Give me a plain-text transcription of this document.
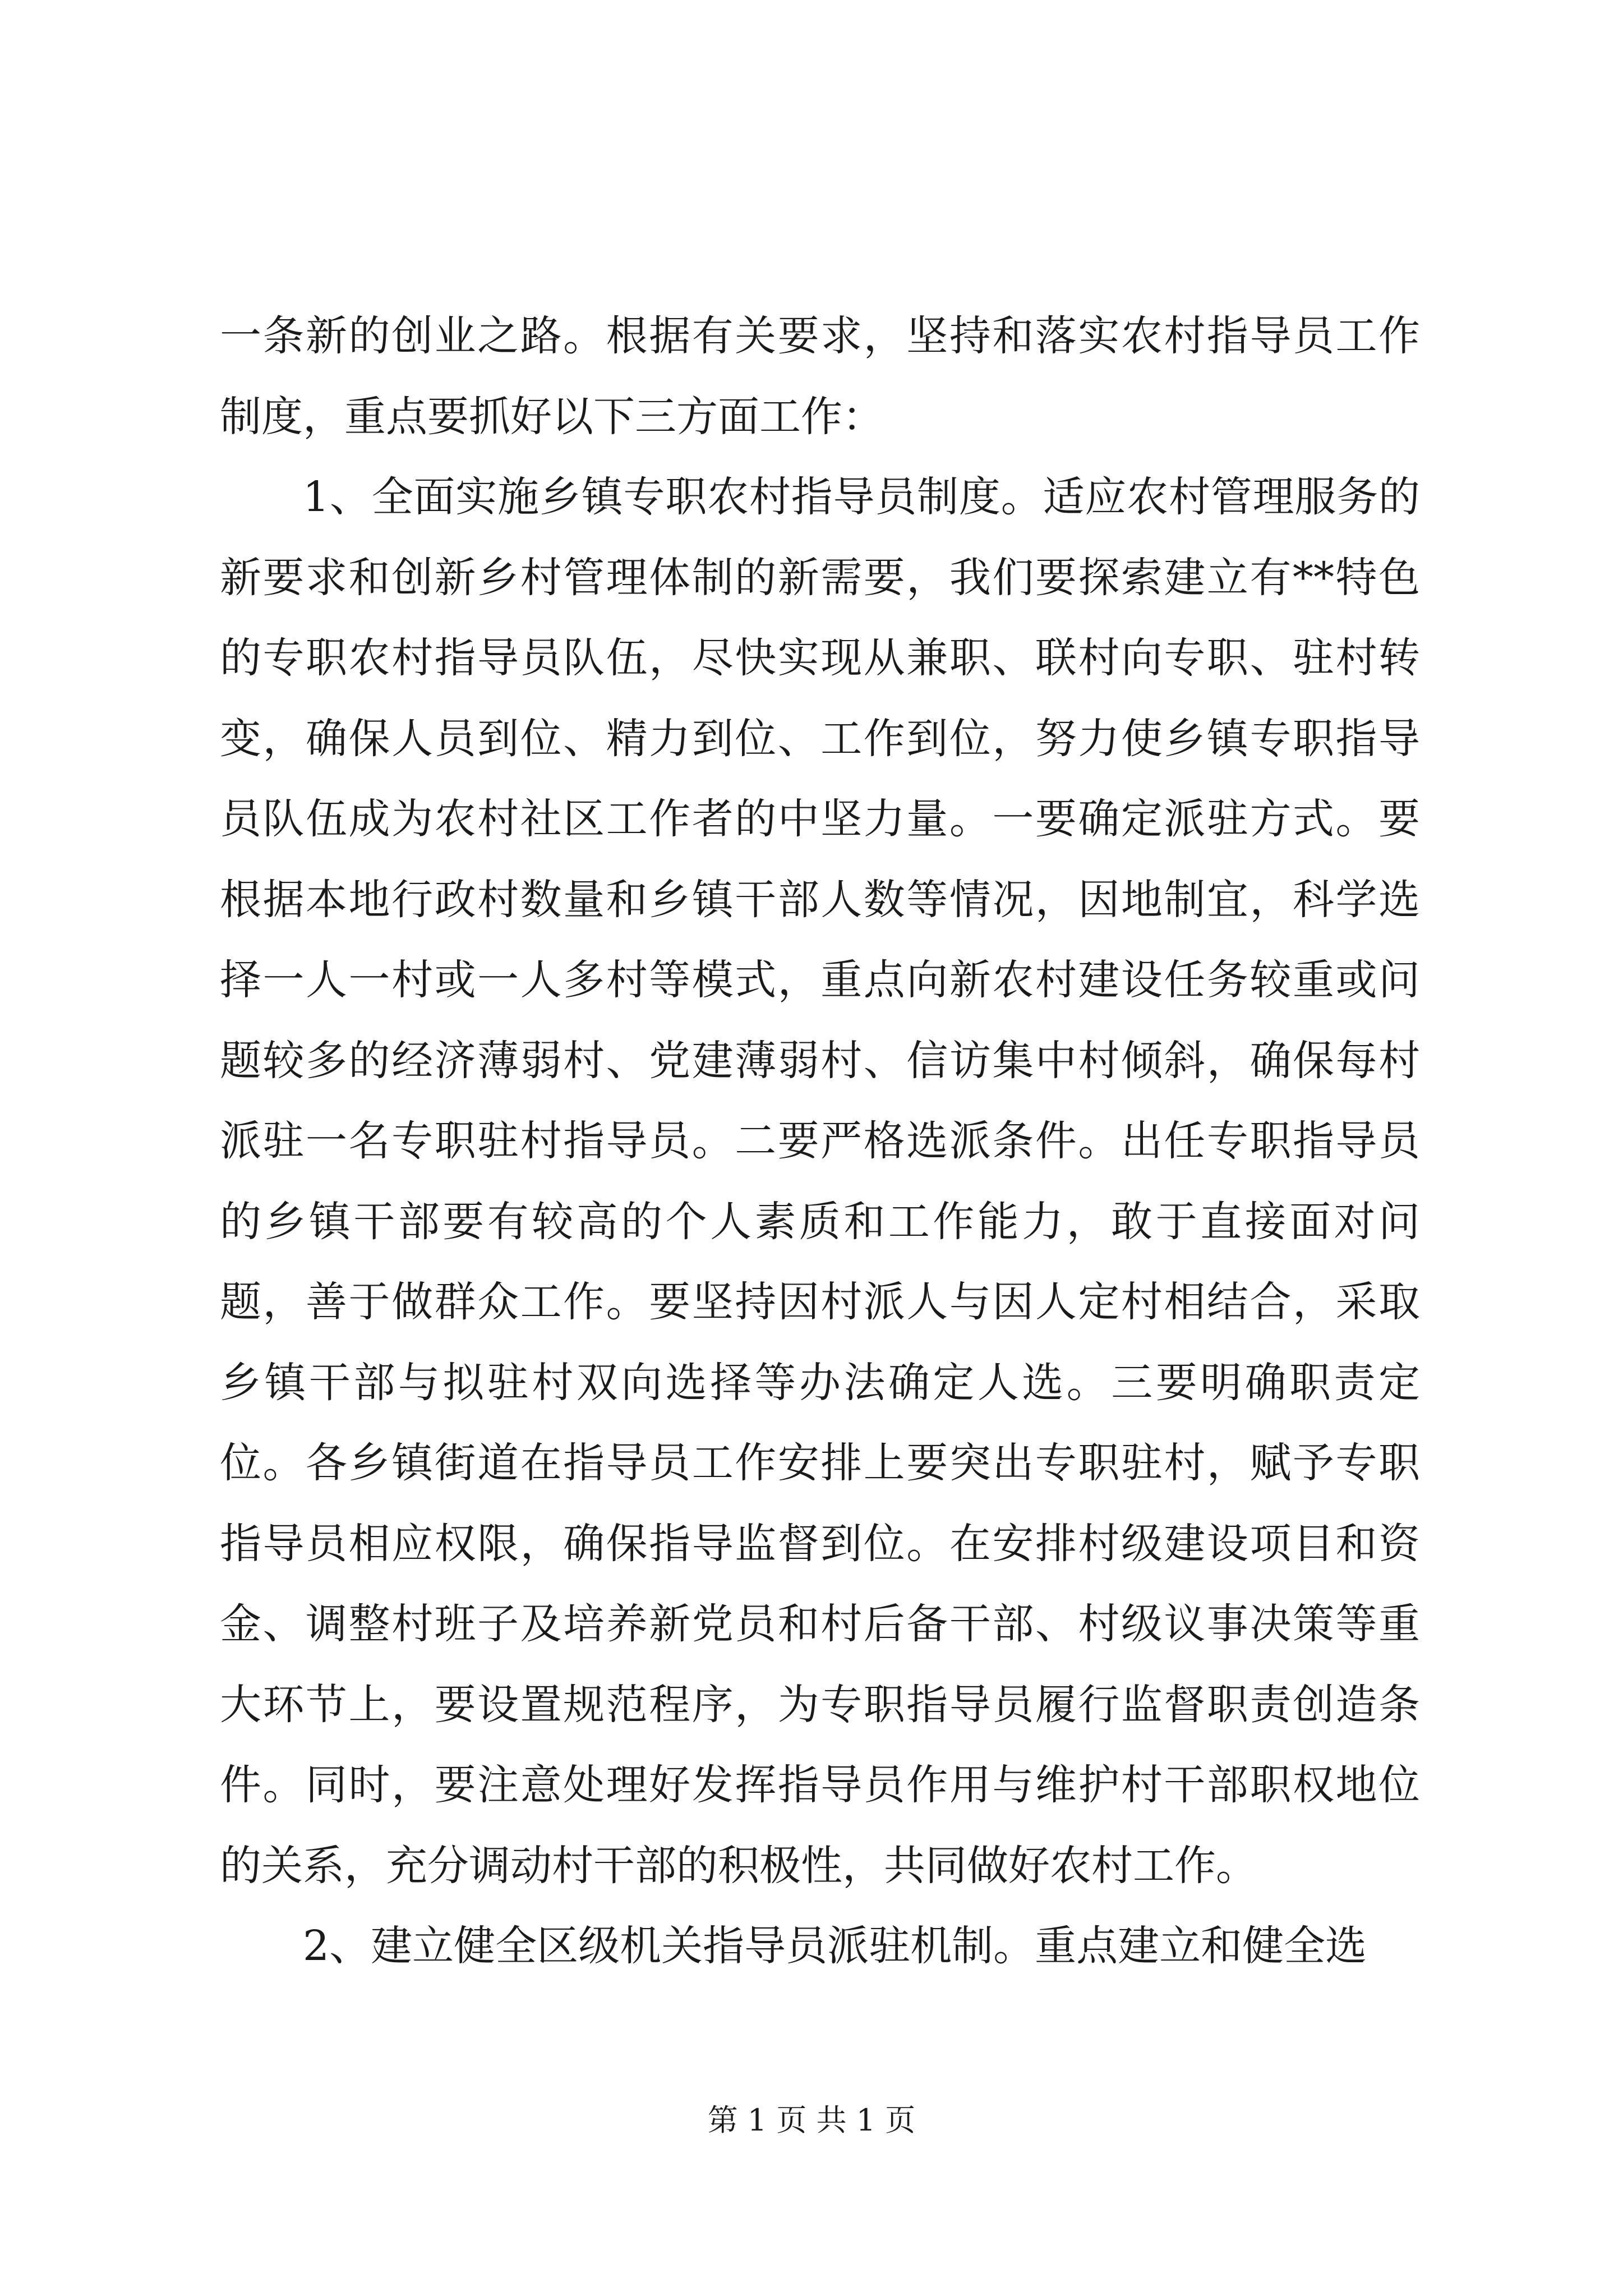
一条新的创业之路。根据有关要求，坚持和落实农村指导员工作制度，重点要抓好以下三方面工作：

1、全面实施乡镇专职农村指导员制度。适应农村管理服务的新要求和创新乡村管理体制的新需要，我们要探索建立有**特色的专职农村指导员队伍，尽快实现从兼职、联村向专职、驻村转变，确保人员到位、精力到位、工作到位，努力使乡镇专职指导员队伍成为农村社区工作者的中坚力量。一要确定派驻方式。要根据本地行政村数量和乡镇干部人数等情况，因地制宜，科学选择一人一村或一人多村等模式，重点向新农村建设任务较重或问题较多的经济薄弱村、党建薄弱村、信访集中村倾斜，确保每村派驻一名专职驻村指导员。二要严格选派条件。出任专职指导员的乡镇干部要有较高的个人素质和工作能力，敢于直接面对问题，善于做群众工作。要坚持因村派人与因人定村相结合，采取乡镇干部与拟驻村双向选择等办法确定人选。三要明确职责定位。各乡镇街道在指导员工作安排上要突出专职驻村，赋予专职指导员相应权限，确保指导监督到位。在安排村级建设项目和资金、调整村班子及培养新党员和村后备干部、村级议事决策等重大环节上，要设置规范程序，为专职指导员履行监督职责创造条件。同时，要注意处理好发挥指导员作用与维护村干部职权地位的关系，充分调动村干部的积极性，共同做好农村工作。

2、建立健全区级机关指导员派驻机制。重点建立和健全选

第 1 页 共 1 页
